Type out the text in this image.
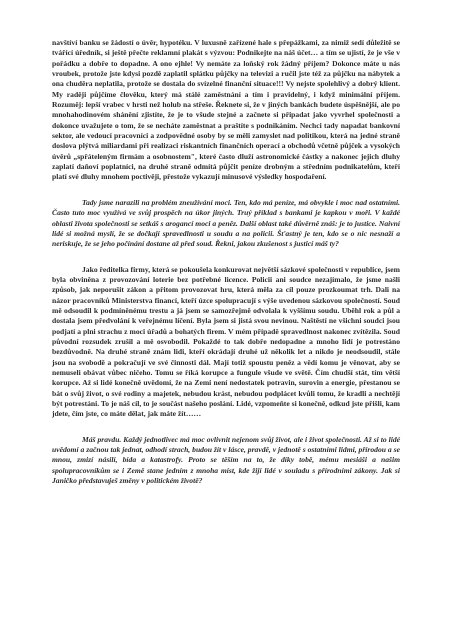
navštíví banku se žádostí o úvěr, hypotéku. V luxusně zařízené hale s přepážkami, za nimiž sedí důležitě se tvářící úředník, si ještě přečte reklamní plakát s výzvou: Podnikejte na náš účet… a tím se ujistí, že je vše v pořádku a dobře to dopadne. A ono ejhle! Vy nemáte za loňský rok žádný příjem? Dokonce máte u nás vroubek, protože jste kdysi pozdě zaplatil splátku půjčky na televizi a ručil jste též za půjčku na nábytek a ona chuděra neplatila, protože se dostala do svízelné finanční situace!!! Vy nejste spolehlivý a dobrý klient. My raději půjčíme člověku, který má stálé zaměstnání a tím i pravidelný, i když minimální příjem. Rozuměj: lepší vrabec v hrsti než holub na střeše. Řeknete si, že v jiných bankách budete úspěšnější, ale po mnohahodinovém shánění zjistíte, že je to všude stejné a začnete si připadat jako vyvrhel společnosti a dokonce uvažujete o tom, že se necháte zaměstnat a praštíte s podnikáním. Nechci tady napadat bankovní sektor, ale vedoucí pracovníci a zodpovědné osoby by se měli zamyslet nad politikou, která na jedné straně doslova plýtvá miliardami při realizaci riskantních finančních operací a obchodů včetně půjček a vysokých úvěrů „spřáteleným firmám a osobnostem", které často dluží astronomické částky a nakonec jejich dluhy zaplatí daňoví poplatníci, na druhé straně odmítá půjčit peníze drobným a středním podnikatelům, kteří platí své dluhy mnohem poctivěji, přestože vykazují minusové výsledky hospodaření.

Tady jsme narazili na problém zneužívání moci. Ten, kdo má peníze, má obvykle i moc nad ostatními. Často tuto moc využívá ve svůj prospěch na úkor jiných. Truý příklad s bankami je kapkou v moři. V každé oblasti života společnosti se setkáš s arogancí moci a peněz. Další oblast také důvěrně znáš: je to justice. Naivní lidé si možná myslí, že se dočkají spravedlnosti u soudu a na policii. Šťastný je ten, kdo se o nic nesnaží a neriskuje, že se jeho počínání dostane až před soud. Řekni, jakou zkušenost s justicí máš ty?

Jako ředitelka firmy, která se pokoušela konkurovat největší sázkové společnosti v republice, jsem byla obviněna z provozování loterie bez potřebné licence. Policii ani soudce nezajímalo, že jsme našli způsob, jak neporušit zákon a přitom provozovat hru, která měla za cíl pouze prozkoumat trh. Dali na názor pracovníků Ministerstva financí, kteří úzce spolupracují s výše uvedenou sázkovou společností. Soud mě odsoudil k podmíněnému trestu a já jsem se samozřejmě odvolala k vyššímu soudu. Uběhl rok a půl a dostala jsem předvolání k veřejnému líčení. Byla jsem si jistá svou nevinou. Naštěstí ne všichni soudci jsou podjatí a plni strachu z moci úřadů a bohatých firem. V mém případě spravedlnost nakonec zvítězila. Soud původní rozsudek zrušil a mě osvobodil. Pokaždé to tak dobře nedopadne a mnoho lidí je potrestáno bezdůvodně. Na druhé straně znám lidi, kteří okrádají druhé už několik let a nikdo je neodsoudil, stále jsou na svobodě a pokračují ve své činnosti dál. Mají totiž spoustu peněz a vědí komu je věnovat, aby se nemuseli obávat vůbec ničeho. Tomu se říká korupce a fungule všude ve světě. Čím chudší stát, tím větší korupce. Až si lidé konečně uvědomí, že na Zemi není nedostatek potravin, surovin a energie, přestanou se bát o svůj život, o své rodiny a majetek, nebudou krást, nebudou podplácet kvůli tomu, že kradli a nechtějí být potrestáni. To je náš cíl, to je součást našeho poslání. Lidé, vzpomeňte si konečně, odkud jste přišli, kam jdete, čím jste, co máte dělat, jak máte žít……

Máš pravdu. Každý jednotlivec má moc ovlivnit nejenom svůj život, ale i život společnosti. Až si to lidé uvědomí a začnou tak jednat, odhodí strach, budou žít v lásce, pravdě, v jednotě s ostatními lidmi, přírodou a se mnou, zmizí násilí, bída a katastrofy. Proto se těším na to, že díky tobě, mému mesiáši a našim spolupracovníkům se i Země stane jedním z mnoha míst, kde žijí lidé v souladu s přírodními zákony. Jak si Janičko představuješ změny v politickém životě?
